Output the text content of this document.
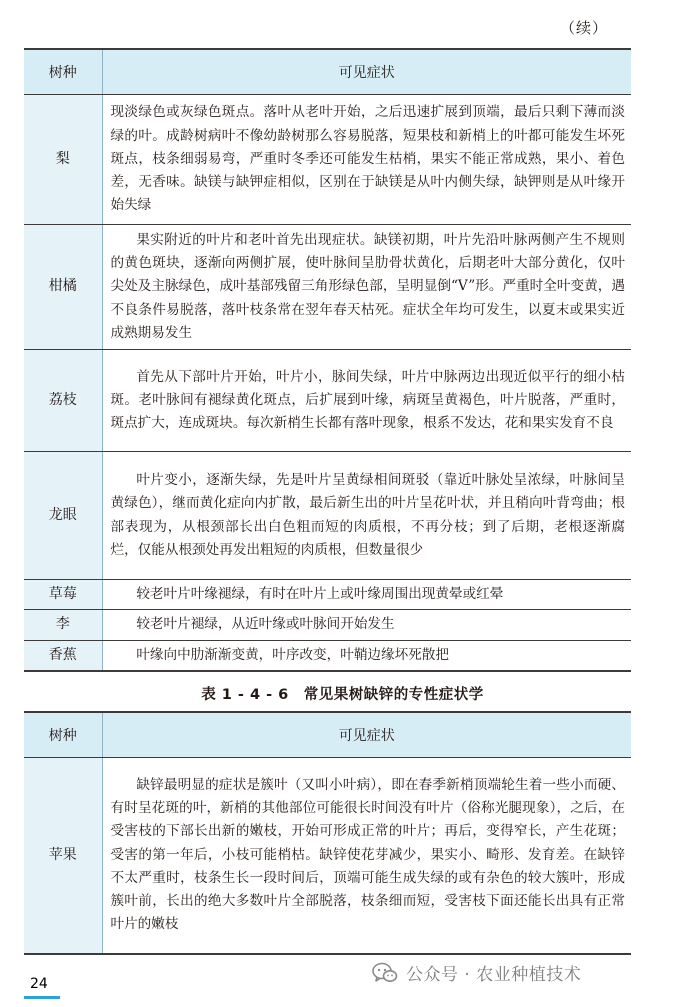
（续）
树种	可见症状
梨	现淡绿色或灰绿色斑点。落叶从老叶开始，之后迅速扩展到顶端，最后只剩下薄而淡绿的叶。成龄树病叶不像幼龄树那么容易脱落，短果枝和新梢上的叶都可能发生坏死斑点，枝条细弱易弯，严重时冬季还可能发生枯梢，果实不能正常成熟，果小、着色差，无香味。缺镁与缺钾症相似，区别在于缺镁是从叶内侧失绿，缺钾则是从叶缘开始失绿
柑橘	果实附近的叶片和老叶首先出现症状。缺镁初期，叶片先沿叶脉两侧产生不规则的黄色斑块，逐渐向两侧扩展，使叶脉间呈肋骨状黄化，后期老叶大部分黄化，仅叶尖处及主脉绿色，成叶基部残留三角形绿色部，呈明显倒“V”形。严重时全叶变黄，遇不良条件易脱落，落叶枝条常在翌年春天枯死。症状全年均可发生，以夏末或果实近成熟期易发生
荔枝	首先从下部叶片开始，叶片小，脉间失绿，叶片中脉两边出现近似平行的细小枯斑。老叶脉间有褪绿黄化斑点，后扩展到叶缘，病斑呈黄褐色，叶片脱落，严重时，斑点扩大，连成斑块。每次新梢生长都有落叶现象，根系不发达，花和果实发育不良
龙眼	叶片变小，逐渐失绿，先是叶片呈黄绿相间斑驳（靠近叶脉处呈浓绿，叶脉间呈黄绿色），继而黄化症向内扩散，最后新生出的叶片呈花叶状，并且稍向叶背弯曲；根部表现为，从根颈部长出白色粗而短的肉质根，不再分枝；到了后期，老根逐渐腐烂，仅能从根颈处再发出粗短的肉质根，但数量很少
草莓	较老叶片叶缘褪绿，有时在叶片上或叶缘周围出现黄晕或红晕
李	较老叶片褪绿，从近叶缘或叶脉间开始发生
香蕉	叶缘向中肋渐渐变黄，叶序改变，叶鞘边缘坏死散把
表 1 - 4 - 6　常见果树缺锌的专性症状学
树种	可见症状
苹果	缺锌最明显的症状是簇叶（又叫小叶病），即在春季新梢顶端轮生着一些小而硬、有时呈花斑的叶，新梢的其他部位可能很长时间没有叶片（俗称光腿现象），之后，在受害枝的下部长出新的嫩枝，开始可形成正常的叶片；再后，变得窄长，产生花斑；受害的第一年后，小枝可能梢枯。缺锌使花芽减少，果实小、畸形、发育差。在缺锌不太严重时，枝条生长一段时间后，顶端可能生成失绿的或有杂色的较大簇叶，形成簇叶前，长出的绝大多数叶片全部脱落，枝条细而短，受害枝下面还能长出具有正常叶片的嫩枝
24	公众号 · 农业种植技术
